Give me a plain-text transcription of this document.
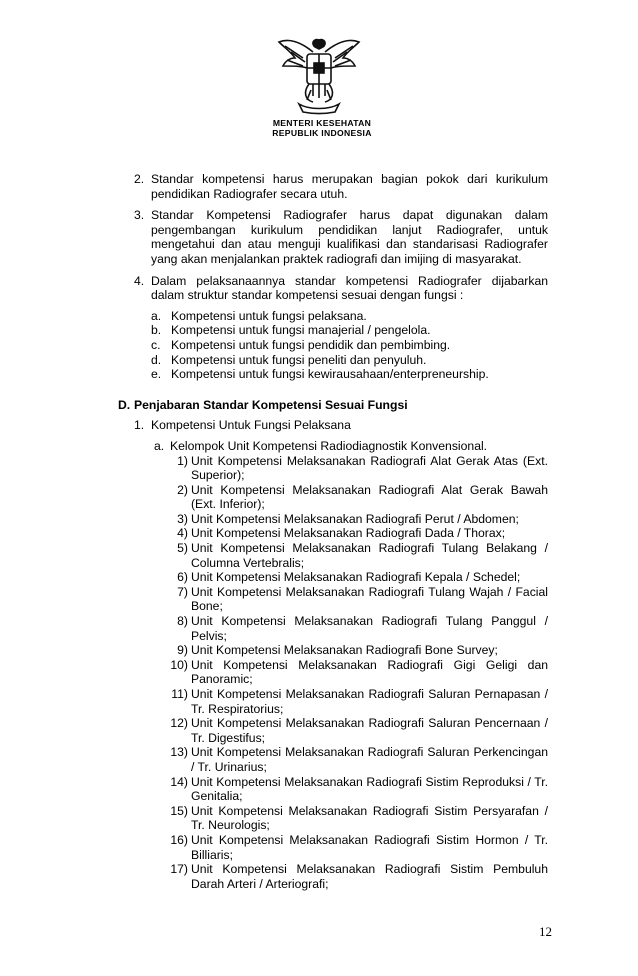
MENTERI KESEHATAN
REPUBLIK INDONESIA
2. Standar kompetensi harus merupakan bagian pokok dari kurikulum pendidikan Radiografer secara utuh.
3. Standar Kompetensi Radiografer harus dapat digunakan dalam pengembangan kurikulum pendidikan lanjut Radiografer, untuk mengetahui dan atau menguji kualifikasi dan standarisasi Radiografer yang akan menjalankan praktek radiografi dan imijing di masyarakat.
4. Dalam pelaksanaannya standar kompetensi Radiografer dijabarkan dalam struktur standar kompetensi sesuai dengan fungsi :
a. Kompetensi untuk fungsi pelaksana.
b. Kompetensi untuk fungsi manajerial / pengelola.
c. Kompetensi untuk fungsi pendidik dan pembimbing.
d. Kompetensi untuk fungsi peneliti dan penyuluh.
e. Kompetensi untuk fungsi kewirausahaan/enterpreneurship.
D. Penjabaran Standar Kompetensi Sesuai Fungsi
1. Kompetensi Untuk Fungsi Pelaksana
a. Kelompok Unit Kompetensi Radiodiagnostik Konvensional.
1) Unit Kompetensi Melaksanakan Radiografi Alat Gerak Atas (Ext. Superior);
2) Unit Kompetensi Melaksanakan Radiografi Alat Gerak Bawah (Ext. Inferior);
3) Unit Kompetensi Melaksanakan Radiografi Perut / Abdomen;
4) Unit Kompetensi Melaksanakan Radiografi Dada / Thorax;
5) Unit Kompetensi Melaksanakan Radiografi Tulang Belakang / Columna Vertebralis;
6) Unit Kompetensi Melaksanakan Radiografi Kepala / Schedel;
7) Unit Kompetensi Melaksanakan Radiografi Tulang Wajah / Facial Bone;
8) Unit Kompetensi Melaksanakan Radiografi Tulang Panggul / Pelvis;
9) Unit Kompetensi Melaksanakan Radiografi Bone Survey;
10) Unit Kompetensi Melaksanakan Radiografi Gigi Geligi dan Panoramic;
11) Unit Kompetensi Melaksanakan Radiografi Saluran Pernapasan / Tr. Respiratorius;
12) Unit Kompetensi Melaksanakan Radiografi Saluran Pencernaan / Tr. Digestifus;
13) Unit Kompetensi Melaksanakan Radiografi Saluran Perkencingan / Tr. Urinarius;
14) Unit Kompetensi Melaksanakan Radiografi Sistim Reproduksi / Tr. Genitalia;
15) Unit Kompetensi Melaksanakan Radiografi Sistim Persyarafan / Tr. Neurologis;
16) Unit Kompetensi Melaksanakan Radiografi Sistim Hormon / Tr. Billiaris;
17) Unit Kompetensi Melaksanakan Radiografi Sistim Pembuluh Darah Arteri / Arteriografi;
12
